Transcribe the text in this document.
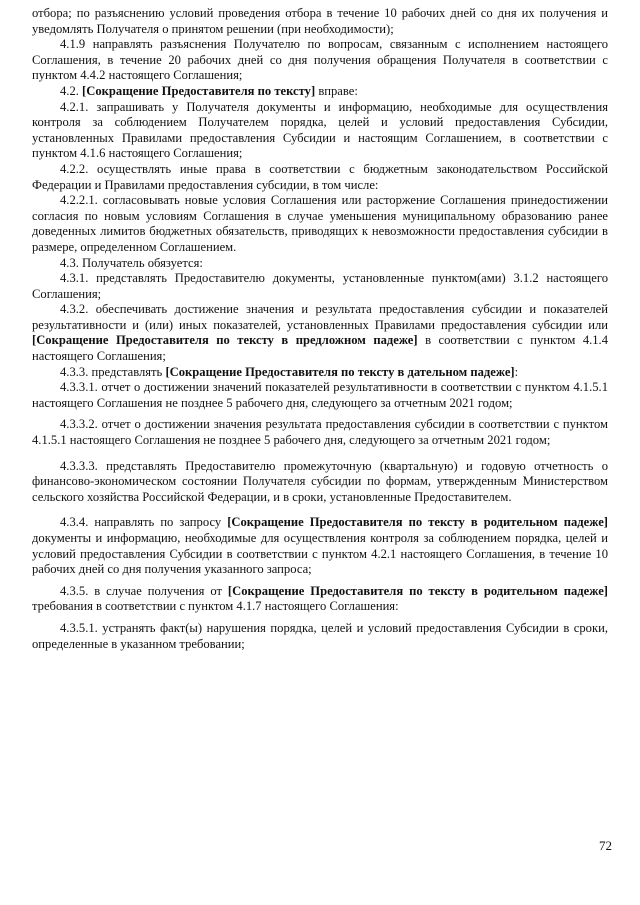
отбора; по разъяснению условий проведения отбора в течение 10 рабочих дней со дня их получения и уведомлять Получателя о принятом решении (при необходимости);

4.1.9 направлять разъяснения Получателю по вопросам, связанным с исполнением настоящего Соглашения, в течение 20 рабочих дней со дня получения обращения Получателя в соответствии с пунктом 4.4.2 настоящего Соглашения;

4.2. [Сокращение Предоставителя по тексту] вправе:

4.2.1. запрашивать у Получателя документы и информацию, необходимые для осуществления контроля за соблюдением Получателем порядка, целей и условий предоставления Субсидии, установленных Правилами предоставления Субсидии и настоящим Соглашением, в соответствии с пунктом 4.1.6 настоящего Соглашения;

4.2.2. осуществлять иные права в соответствии с бюджетным законодательством Российской Федерации и Правилами предоставления субсидии, в том числе:

4.2.2.1. согласовывать новые условия Соглашения или расторжение Соглашения принедостижении согласия по новым условиям Соглашения в случае уменьшения муниципальному образованию ранее доведенных лимитов бюджетных обязательств, приводящих к невозможности предоставления субсидии в размере, определенном Соглашением.

4.3. Получатель обязуется:

4.3.1. представлять Предоставителю документы, установленные пунктом(ами) 3.1.2 настоящего Соглашения;

4.3.2. обеспечивать достижение значения и результата предоставления субсидии и показателей результативности и (или) иных показателей, установленных Правилами предоставления субсидии или [Сокращение Предоставителя по тексту в предложном падеже] в соответствии с пунктом 4.1.4 настоящего Соглашения;

4.3.3. представлять [Сокращение Предоставителя по тексту в дательном падеже]:

4.3.3.1. отчет о достижении значений показателей результативности в соответствии с пунктом 4.1.5.1 настоящего Соглашения не позднее 5 рабочего дня, следующего за отчетным 2021 годом;

4.3.3.2. отчет о достижении значения результата предоставления субсидии в соответствии с пунктом 4.1.5.1 настоящего Соглашения не позднее 5 рабочего дня, следующего за отчетным 2021 годом;

4.3.3.3. представлять Предоставителю промежуточную (квартальную) и годовую отчетность о финансово-экономическом состоянии Получателя субсидии по формам, утвержденным Министерством сельского хозяйства Российской Федерации, и в сроки, установленные Предоставителем.

4.3.4. направлять по запросу [Сокращение Предоставителя по тексту в родительном падеже] документы и информацию, необходимые для осуществления контроля за соблюдением порядка, целей и условий предоставления Субсидии в соответствии с пунктом 4.2.1 настоящего Соглашения, в течение 10 рабочих дней со дня получения указанного запроса;

4.3.5. в случае получения от [Сокращение Предоставителя по тексту в родительном падеже] требования в соответствии с пунктом 4.1.7 настоящего Соглашения:

4.3.5.1. устранять факт(ы) нарушения порядка, целей и условий предоставления Субсидии в сроки, определенные в указанном требовании;

72
